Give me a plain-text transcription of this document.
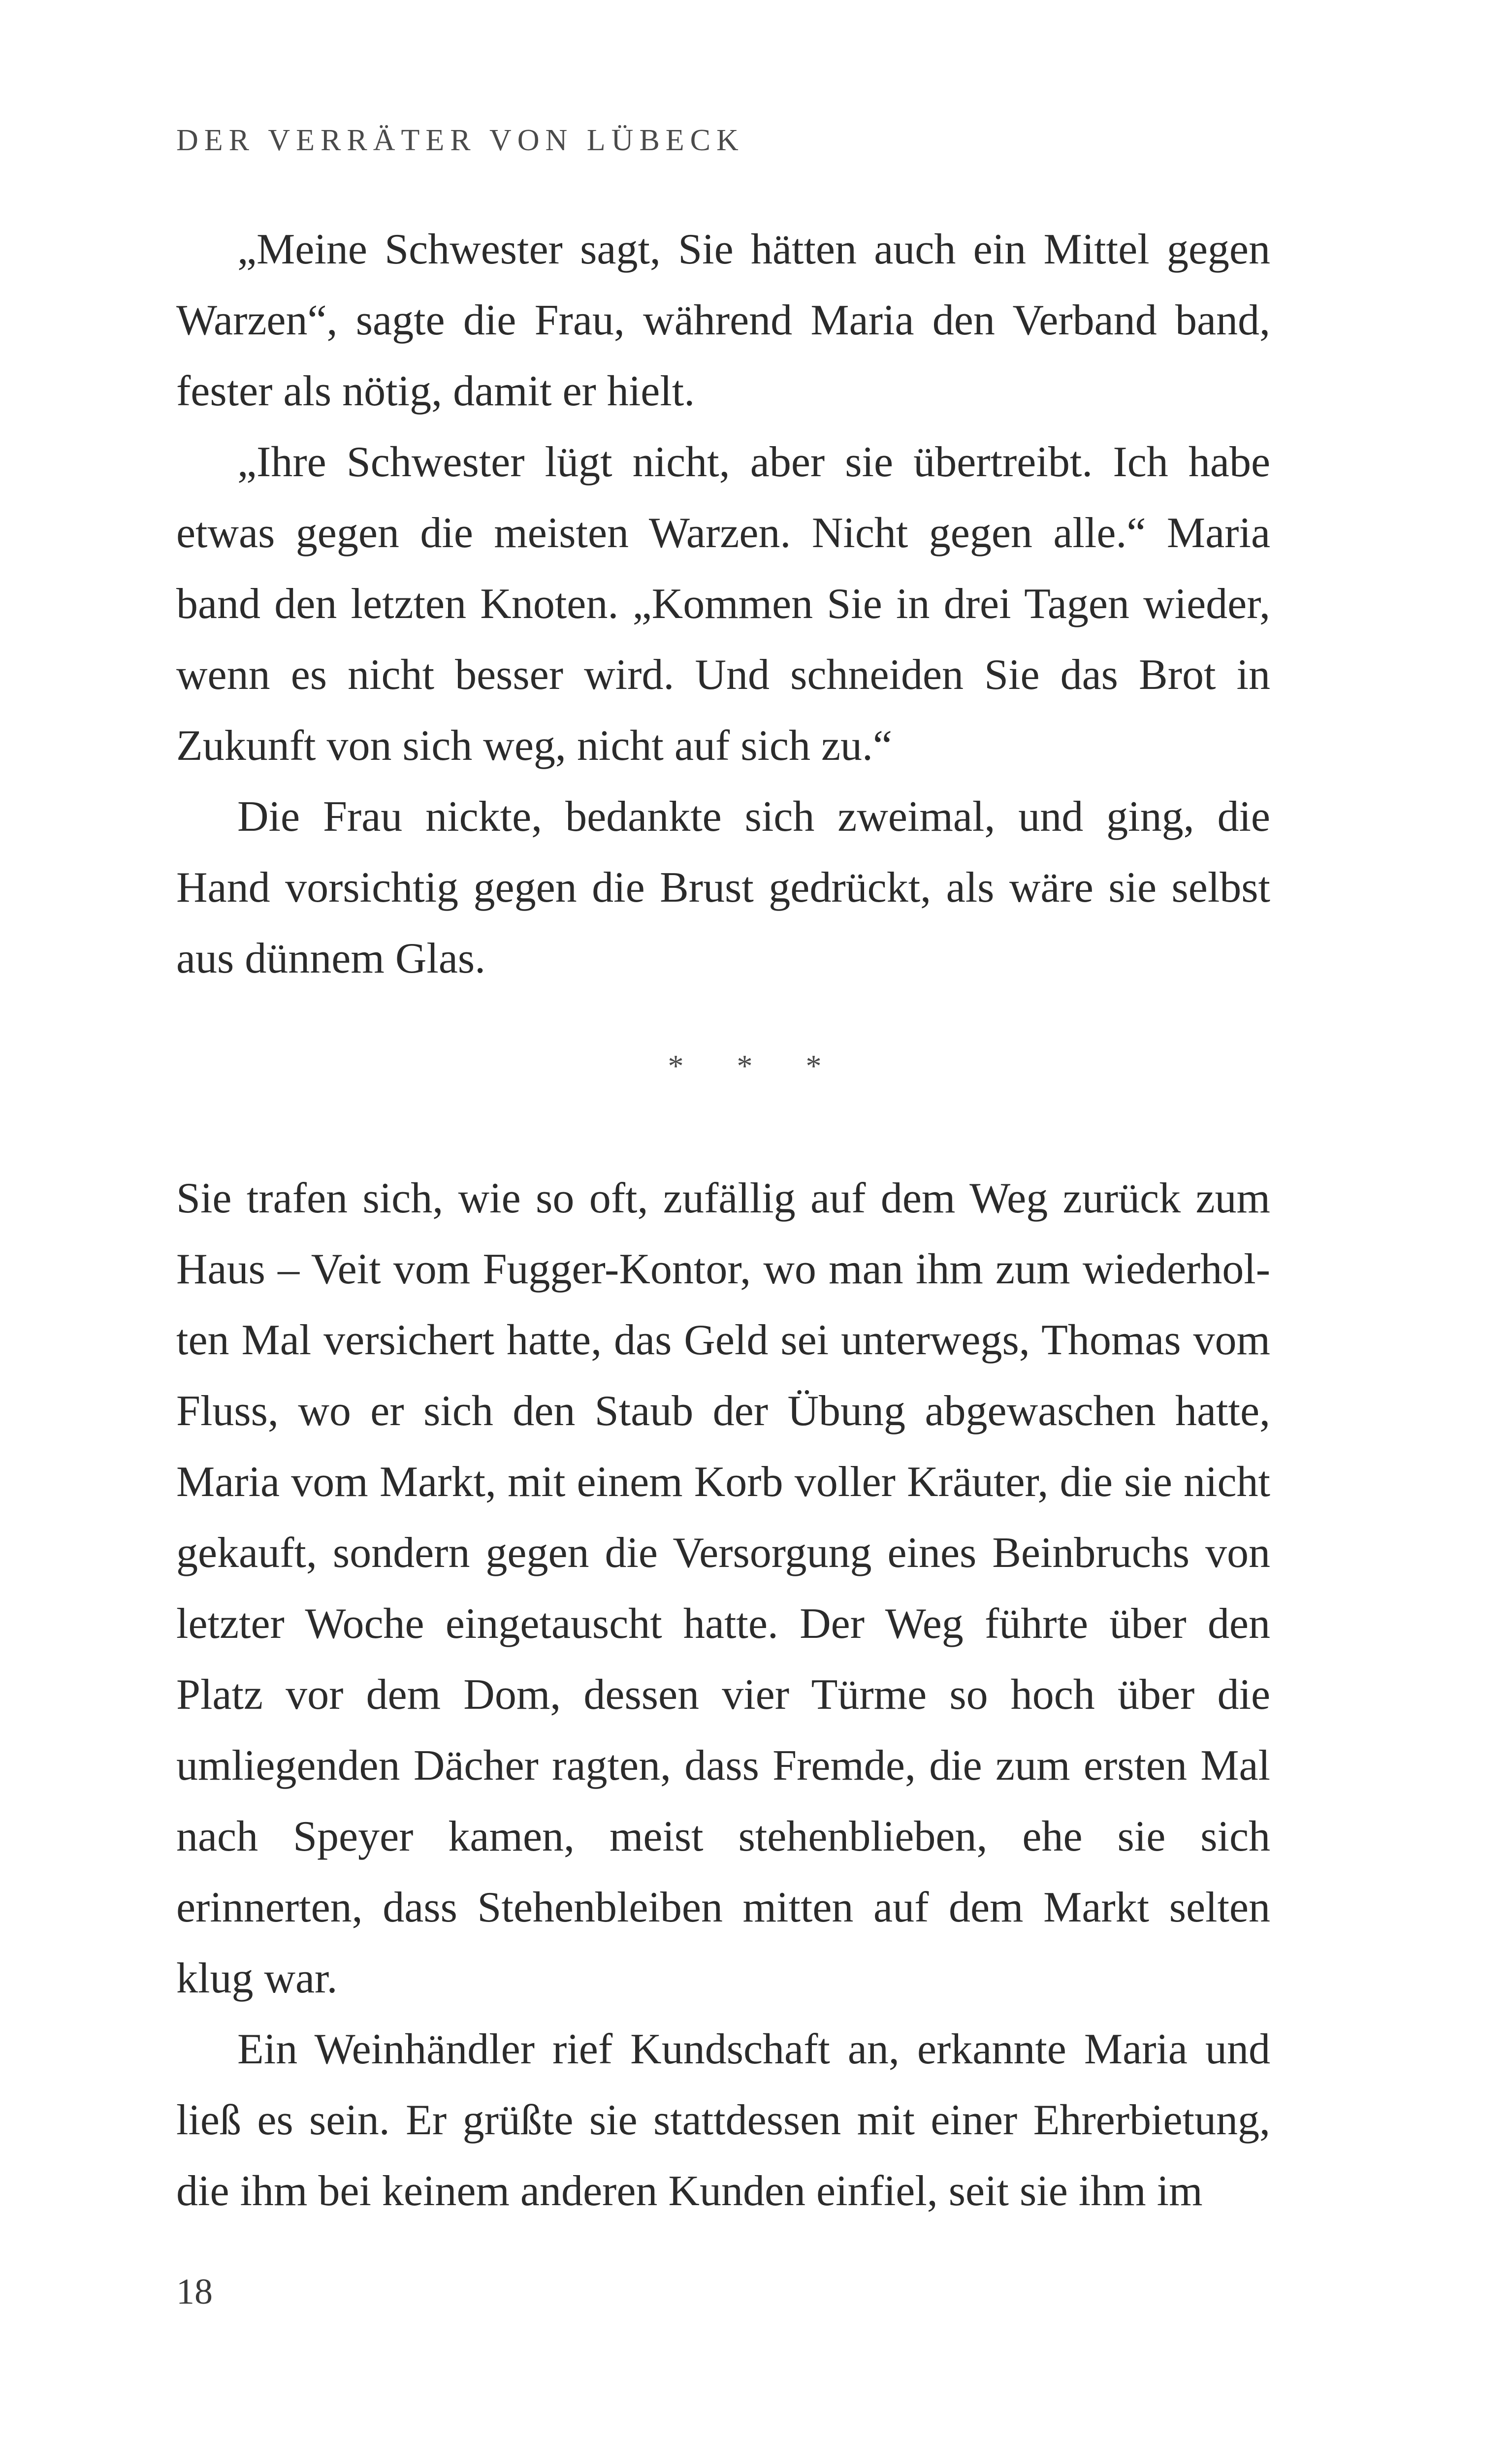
DER VERRÄTER VON LÜBECK

„Meine Schwester sagt, Sie hätten auch ein Mittel gegen Warzen“, sagte die Frau, während Maria den Verband band, fester als nötig, damit er hielt.

„Ihre Schwester lügt nicht, aber sie übertreibt. Ich habe etwas gegen die meisten Warzen. Nicht gegen alle.“ Maria band den letzten Knoten. „Kommen Sie in drei Tagen wieder, wenn es nicht besser wird. Und schneiden Sie das Brot in Zukunft von sich weg, nicht auf sich zu.“

Die Frau nickte, bedankte sich zweimal, und ging, die Hand vorsichtig gegen die Brust gedrückt, als wäre sie selbst aus dünnem Glas.

* * *

Sie trafen sich, wie so oft, zufällig auf dem Weg zurück zum Haus – Veit vom Fugger-Kontor, wo man ihm zum wiederholten Mal versichert hatte, das Geld sei unterwegs, Thomas vom Fluss, wo er sich den Staub der Übung abgewaschen hatte, Maria vom Markt, mit einem Korb voller Kräuter, die sie nicht gekauft, sondern gegen die Versorgung eines Beinbruchs von letzter Woche eingetauscht hatte. Der Weg führte über den Platz vor dem Dom, dessen vier Türme so hoch über die umliegenden Dächer ragten, dass Fremde, die zum ersten Mal nach Speyer kamen, meist stehenblieben, ehe sie sich erinnerten, dass Stehenbleiben mitten auf dem Markt selten klug war.

Ein Weinhändler rief Kundschaft an, erkannte Maria und ließ es sein. Er grüßte sie stattdessen mit einer Ehrerbietung, die ihm bei keinem anderen Kunden einfiel, seit sie ihm im

18
